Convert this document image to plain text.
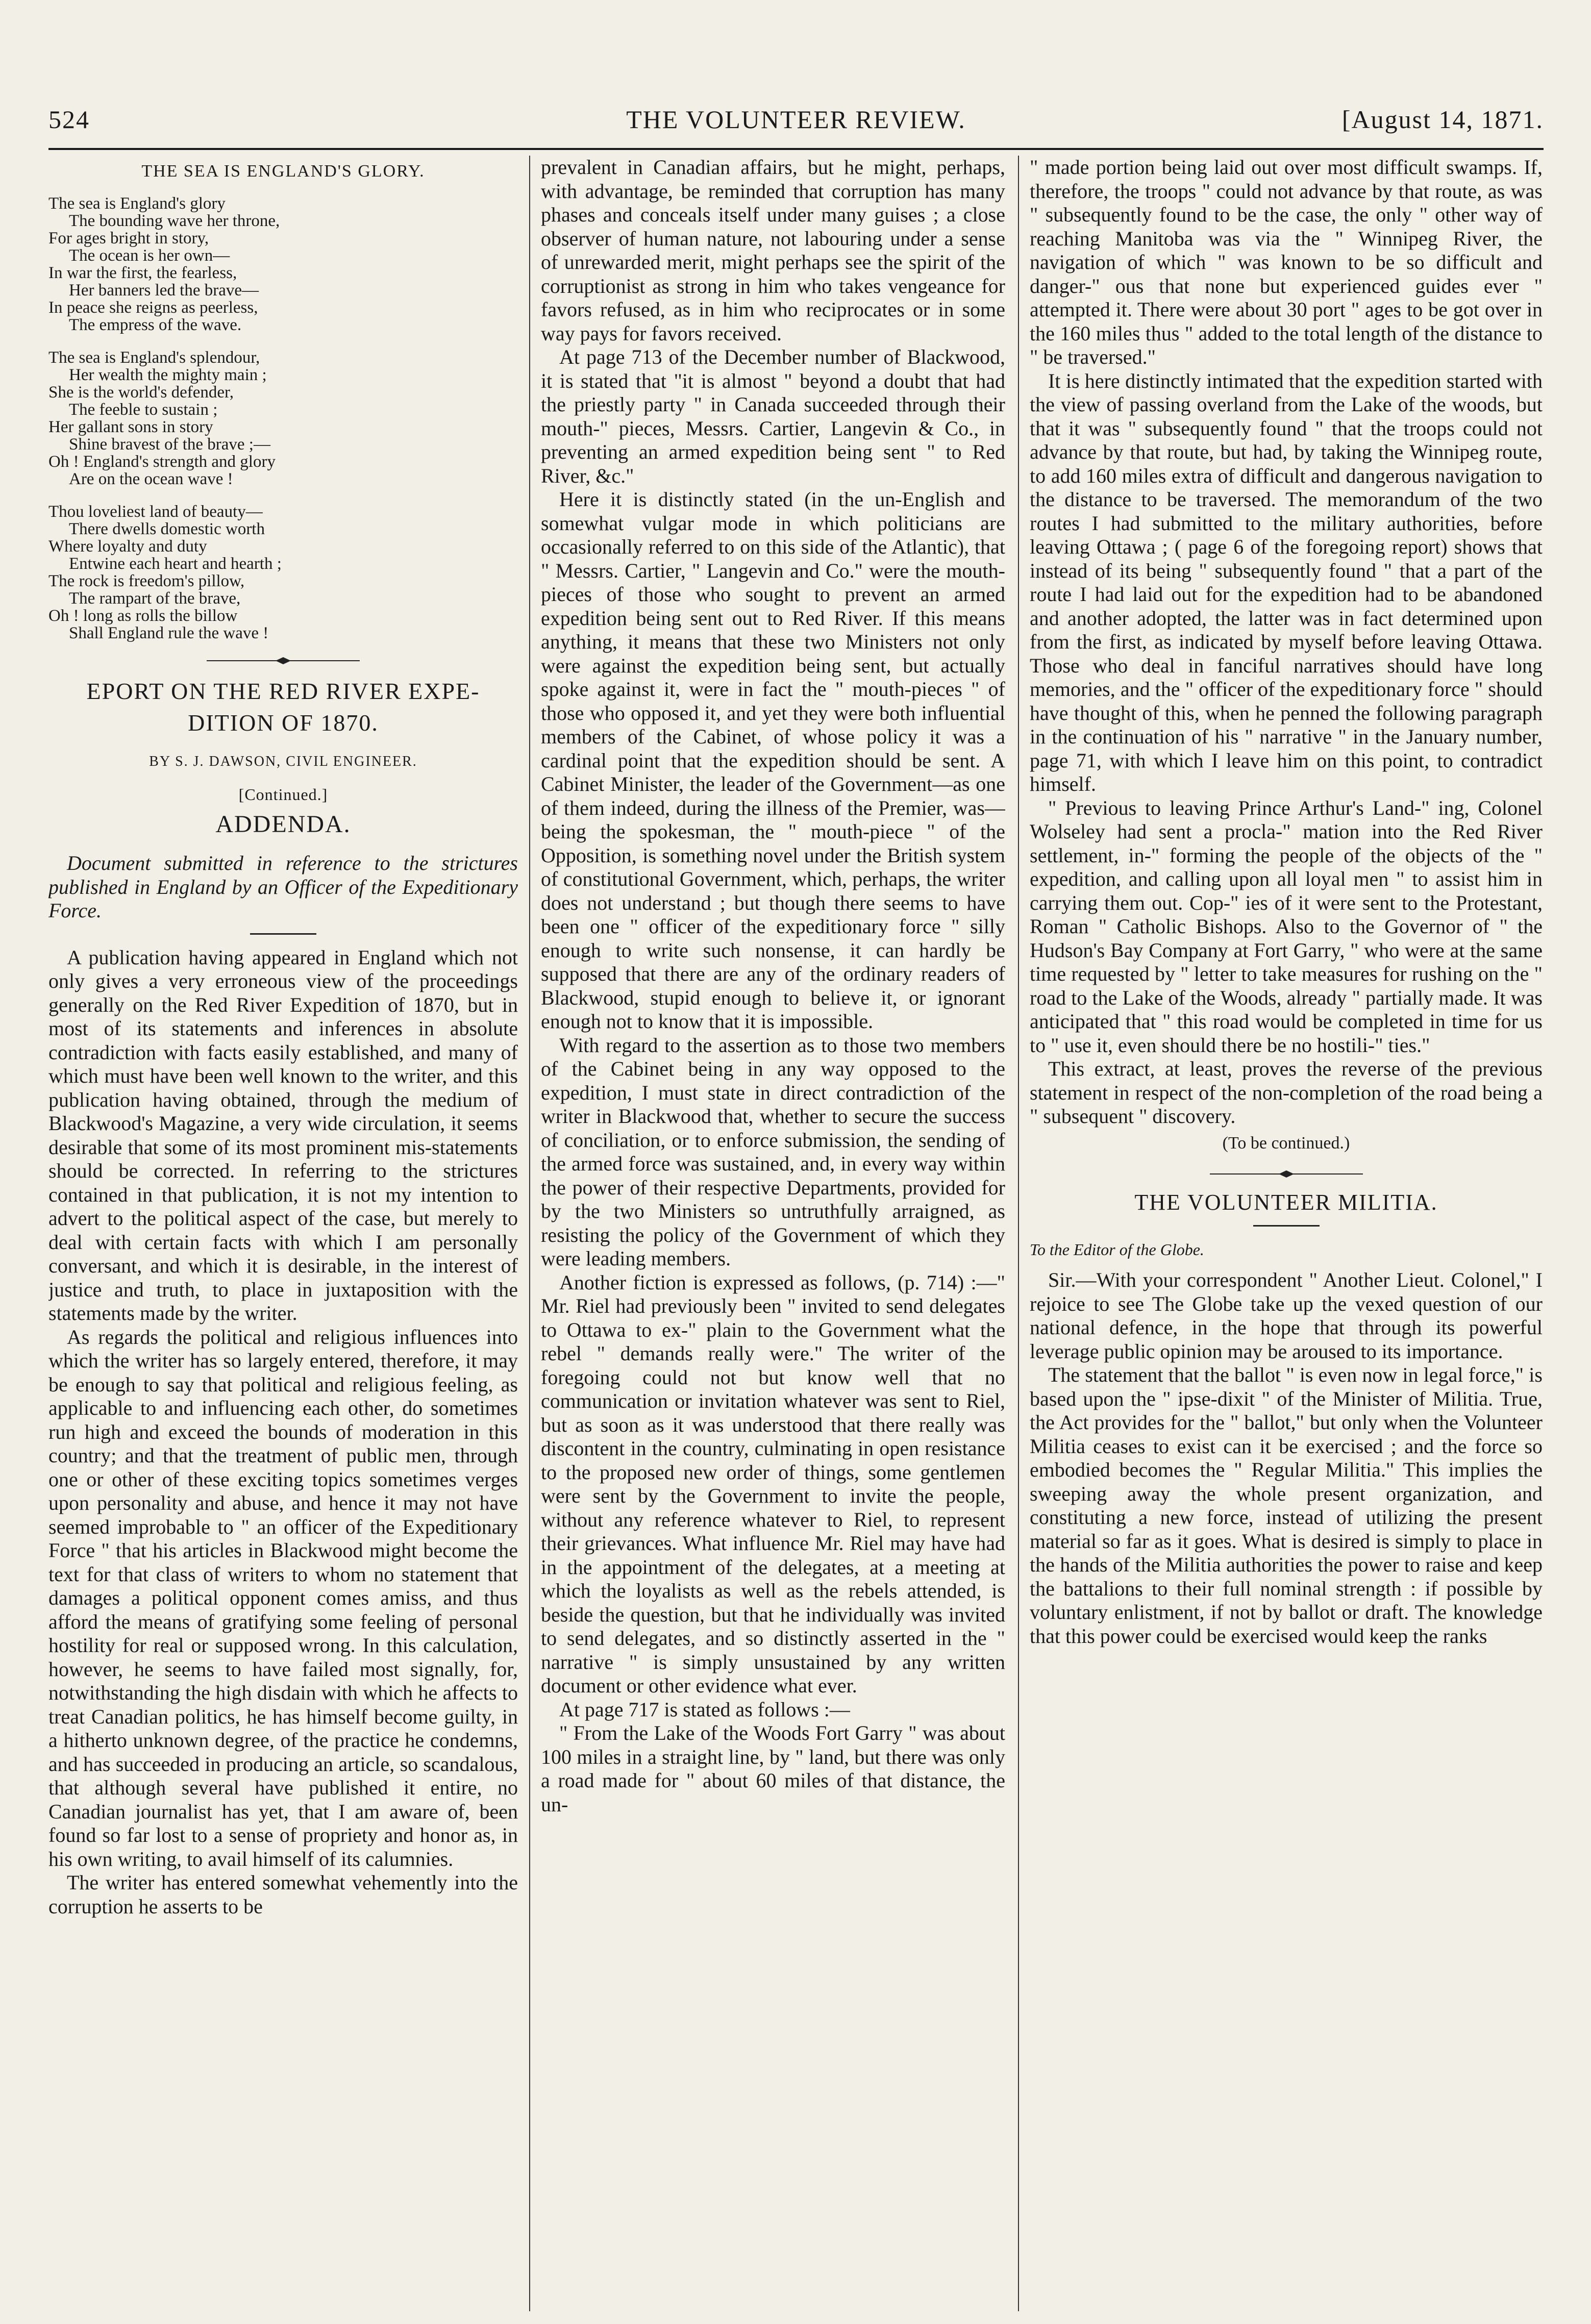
524	THE VOLUNTEER REVIEW.	[August 14, 1871.
THE SEA IS ENGLAND'S GLORY.
The sea is England's glory
The bounding wave her throne,
For ages bright in story,
The ocean is her own—
In war the first, the fearless,
Her banners led the brave—
In peace she reigns as peerless,
The empress of the wave.
The sea is England's splendour,
Her wealth the mighty main ;
She is the world's defender,
The feeble to sustain ;
Her gallant sons in story
Shine bravest of the brave ;—
Oh ! England's strength and glory
Are on the ocean wave !
Thou loveliest land of beauty—
There dwells domestic worth
Where loyalty and duty
Entwine each heart and hearth ;
The rock is freedom's pillow,
The rampart of the brave,
Oh ! long as rolls the billow
Shall England rule the wave !
EPORT ON THE RED RIVER EXPE-
DITION OF 1870.
BY S. J. DAWSON, CIVIL ENGINEER.
[Continued.]
ADDENDA.

Document submitted in reference to the strictures published in England by an Officer of the Expeditionary Force.

A publication having appeared in England which not only gives a very erroneous view of the proceedings generally on the Red River Expedition of 1870, but in most of its statements and inferences in absolute contradiction with facts easily established, and many of which must have been well known to the writer, and this publication having obtained, through the medium of Blackwood's Magazine, a very wide circulation, it seems desirable that some of its most prominent mis-statements should be corrected. In referring to the strictures contained in that publication, it is not my intention to advert to the political aspect of the case, but merely to deal with certain facts with which I am personally conversant, and which it is desirable, in the interest of justice and truth, to place in juxtaposition with the statements made by the writer.

As regards the political and religious influences into which the writer has so largely entered, therefore, it may be enough to say that political and religious feeling, as applicable to and influencing each other, do sometimes run high and exceed the bounds of moderation in this country; and that the treatment of public men, through one or other of these exciting topics sometimes verges upon personality and abuse, and hence it may not have seemed improbable to " an officer of the Expeditionary Force " that his articles in Blackwood might become the text for that class of writers to whom no statement that damages a political opponent comes amiss, and thus afford the means of gratifying some feeling of personal hostility for real or supposed wrong. In this calculation, however, he seems to have failed most signally, for, notwithstanding the high disdain with which he affects to treat Canadian politics, he has himself become guilty, in a hitherto unknown degree, of the practice he condemns, and has succeeded in producing an article, so scandalous, that although several have published it entire, no Canadian journalist has yet, that I am aware of, been found so far lost to a sense of propriety and honor as, in his own writing, to avail himself of its calumnies.

The writer has entered somewhat vehemently into the corruption he asserts to be

prevalent in Canadian affairs, but he might, perhaps, with advantage, be reminded that corruption has many phases and conceals itself under many guises ; a close observer of human nature, not labouring under a sense of unrewarded merit, might perhaps see the spirit of the corruptionist as strong in him who takes vengeance for favors refused, as in him who reciprocates or in some way pays for favors received.

At page 713 of the December number of Blackwood, it is stated that "it is almost " beyond a doubt that had the priestly party " in Canada succeeded through their mouth-" pieces, Messrs. Cartier, Langevin & Co., in preventing an armed expedition being sent " to Red River, &c."

Here it is distinctly stated (in the un-English and somewhat vulgar mode in which politicians are occasionally referred to on this side of the Atlantic), that " Messrs. Cartier, " Langevin and Co." were the mouth-pieces of those who sought to prevent an armed expedition being sent out to Red River. If this means anything, it means that these two Ministers not only were against the expedition being sent, but actually spoke against it, were in fact the " mouth-pieces " of those who opposed it, and yet they were both influential members of the Cabinet, of whose policy it was a cardinal point that the expedition should be sent. A Cabinet Minister, the leader of the Government—as one of them indeed, during the illness of the Premier, was—being the spokesman, the " mouth-piece " of the Opposition, is something novel under the British system of constitutional Government, which, perhaps, the writer does not understand ; but though there seems to have been one " officer of the expeditionary force " silly enough to write such nonsense, it can hardly be supposed that there are any of the ordinary readers of Blackwood, stupid enough to believe it, or ignorant enough not to know that it is impossible.

With regard to the assertion as to those two members of the Cabinet being in any way opposed to the expedition, I must state in direct contradiction of the writer in Blackwood that, whether to secure the success of conciliation, or to enforce submission, the sending of the armed force was sustained, and, in every way within the power of their respective Departments, provided for by the two Ministers so untruthfully arraigned, as resisting the policy of the Government of which they were leading members.

Another fiction is expressed as follows, (p. 714) :—" Mr. Riel had previously been " invited to send delegates to Ottawa to ex-" plain to the Government what the rebel " demands really were." The writer of the foregoing could not but know well that no communication or invitation whatever was sent to Riel, but as soon as it was understood that there really was discontent in the country, culminating in open resistance to the proposed new order of things, some gentlemen were sent by the Government to invite the people, without any reference whatever to Riel, to represent their grievances. What influence Mr. Riel may have had in the appointment of the delegates, at a meeting at which the loyalists as well as the rebels attended, is beside the question, but that he individually was invited to send delegates, and so distinctly asserted in the " narrative " is simply unsustained by any written document or other evidence what ever.

At page 717 is stated as follows :—

" From the Lake of the Woods Fort Garry " was about 100 miles in a straight line, by " land, but there was only a road made for " about 60 miles of that distance, the un-

" made portion being laid out over most difficult swamps. If, therefore, the troops " could not advance by that route, as was " subsequently found to be the case, the only " other way of reaching Manitoba was via the " Winnipeg River, the navigation of which " was known to be so difficult and danger-" ous that none but experienced guides ever " attempted it. There were about 30 port " ages to be got over in the 160 miles thus " added to the total length of the distance to " be traversed."

It is here distinctly intimated that the expedition started with the view of passing overland from the Lake of the woods, but that it was " subsequently found " that the troops could not advance by that route, but had, by taking the Winnipeg route, to add 160 miles extra of difficult and dangerous navigation to the distance to be traversed. The memorandum of the two routes I had submitted to the military authorities, before leaving Ottawa ; ( page 6 of the foregoing report) shows that instead of its being " subsequently found " that a part of the route I had laid out for the expedition had to be abandoned and another adopted, the latter was in fact determined upon from the first, as indicated by myself before leaving Ottawa. Those who deal in fanciful narratives should have long memories, and the " officer of the expeditionary force " should have thought of this, when he penned the following paragraph in the continuation of his " narrative " in the January number, page 71, with which I leave him on this point, to contradict himself.

" Previous to leaving Prince Arthur's Land-" ing, Colonel Wolseley had sent a procla-" mation into the Red River settlement, in-" forming the people of the objects of the " expedition, and calling upon all loyal men " to assist him in carrying them out. Cop-" ies of it were sent to the Protestant, Roman " Catholic Bishops. Also to the Governor of " the Hudson's Bay Company at Fort Garry, " who were at the same time requested by " letter to take measures for rushing on the " road to the Lake of the Woods, already " partially made. It was anticipated that " this road would be completed in time for us to " use it, even should there be no hostili-" ties."

This extract, at least, proves the reverse of the previous statement in respect of the non-completion of the road being a " subsequent " discovery.

(To be continued.)
THE VOLUNTEER MILITIA.

To the Editor of the Globe.

Sir.—With your correspondent " Another Lieut. Colonel," I rejoice to see The Globe take up the vexed question of our national defence, in the hope that through its powerful leverage public opinion may be aroused to its importance.

The statement that the ballot " is even now in legal force," is based upon the " ipse-dixit " of the Minister of Militia. True, the Act provides for the " ballot," but only when the Volunteer Militia ceases to exist can it be exercised ; and the force so embodied becomes the " Regular Militia." This implies the sweeping away the whole present organization, and constituting a new force, instead of utilizing the present material so far as it goes. What is desired is simply to place in the hands of the Militia authorities the power to raise and keep the battalions to their full nominal strength : if possible by voluntary enlistment, if not by ballot or draft. The knowledge that this power could be exercised would keep the ranks
